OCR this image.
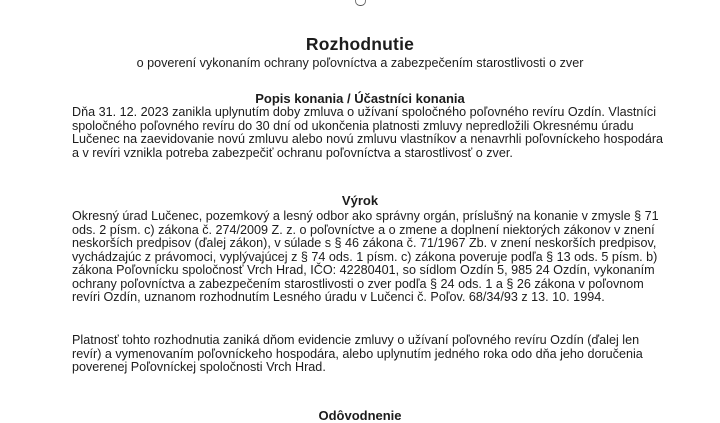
Rozhodnutie
o poverení vykonaním ochrany poľovníctva a zabezpečením starostlivosti o zver
Popis konania / Účastníci konania
Dňa 31. 12. 2023 zanikla uplynutím doby zmluva o užívaní spoločného poľovného revíru Ozdín. Vlastníci
spoločného poľovného revíru do 30 dní od ukončenia platnosti zmluvy nepredložili Okresnému úradu
Lučenec na zaevidovanie novú zmluvu alebo novú zmluvu vlastníkov a nenavrhli poľovníckeho hospodára
a v revíri vznikla potreba zabezpečiť ochranu poľovníctva a starostlivosť o zver.
Výrok
Okresný úrad Lučenec, pozemkový a lesný odbor ako správny orgán, príslušný na konanie v zmysle § 71
ods. 2 písm. c) zákona č. 274/2009 Z. z. o poľovníctve a o zmene a doplnení niektorých zákonov v znení
neskorších predpisov (ďalej zákon), v súlade s § 46 zákona č. 71/1967 Zb. v znení neskorších predpisov,
vychádzajúc z právomoci, vyplývajúcej z § 74 ods. 1 písm. c) zákona poveruje podľa § 13 ods. 5 písm. b)
zákona Poľovnícku spoločnosť Vrch Hrad, IČO: 42280401, so sídlom Ozdín 5, 985 24 Ozdín, vykonaním
ochrany poľovníctva a zabezpečením starostlivosti o zver podľa § 24 ods. 1 a § 26 zákona v poľovnom
revíri Ozdín, uznanom rozhodnutím Lesného úradu v Lučenci č. Poľov. 68/34/93 z 13. 10. 1994.
Platnosť tohto rozhodnutia zaniká dňom evidencie zmluvy o užívaní poľovného revíru Ozdín (ďalej len
revír) a vymenovaním poľovníckeho hospodára, alebo uplynutím jedného roka odo dňa jeho doručenia
poverenej Poľovníckej spoločnosti Vrch Hrad.
Odôvodnenie
